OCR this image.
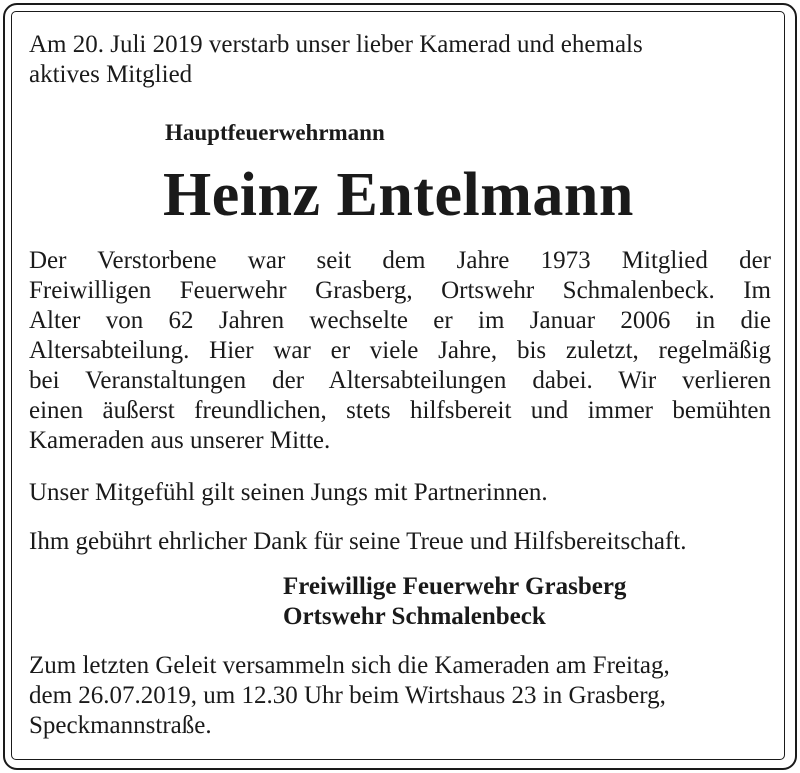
Am 20. Juli 2019 verstarb unser lieber Kamerad und ehemals
aktives Mitglied

Hauptfeuerwehrmann

Heinz Entelmann

Der Verstorbene war seit dem Jahre 1973 Mitglied der
Freiwilligen Feuerwehr Grasberg, Ortswehr Schmalenbeck. Im
Alter von 62 Jahren wechselte er im Januar 2006 in die
Altersabteilung. Hier war er viele Jahre, bis zuletzt, regelmäßig
bei Veranstaltungen der Altersabteilungen dabei. Wir verlieren
einen äußerst freundlichen, stets hilfsbereit und immer bemühten
Kameraden aus unserer Mitte.

Unser Mitgefühl gilt seinen Jungs mit Partnerinnen.

Ihm gebührt ehrlicher Dank für seine Treue und Hilfsbereitschaft.

Freiwillige Feuerwehr Grasberg
Ortswehr Schmalenbeck

Zum letzten Geleit versammeln sich die Kameraden am Freitag,
dem 26.07.2019, um 12.30 Uhr beim Wirtshaus 23 in Grasberg,
Speckmannstraße.
